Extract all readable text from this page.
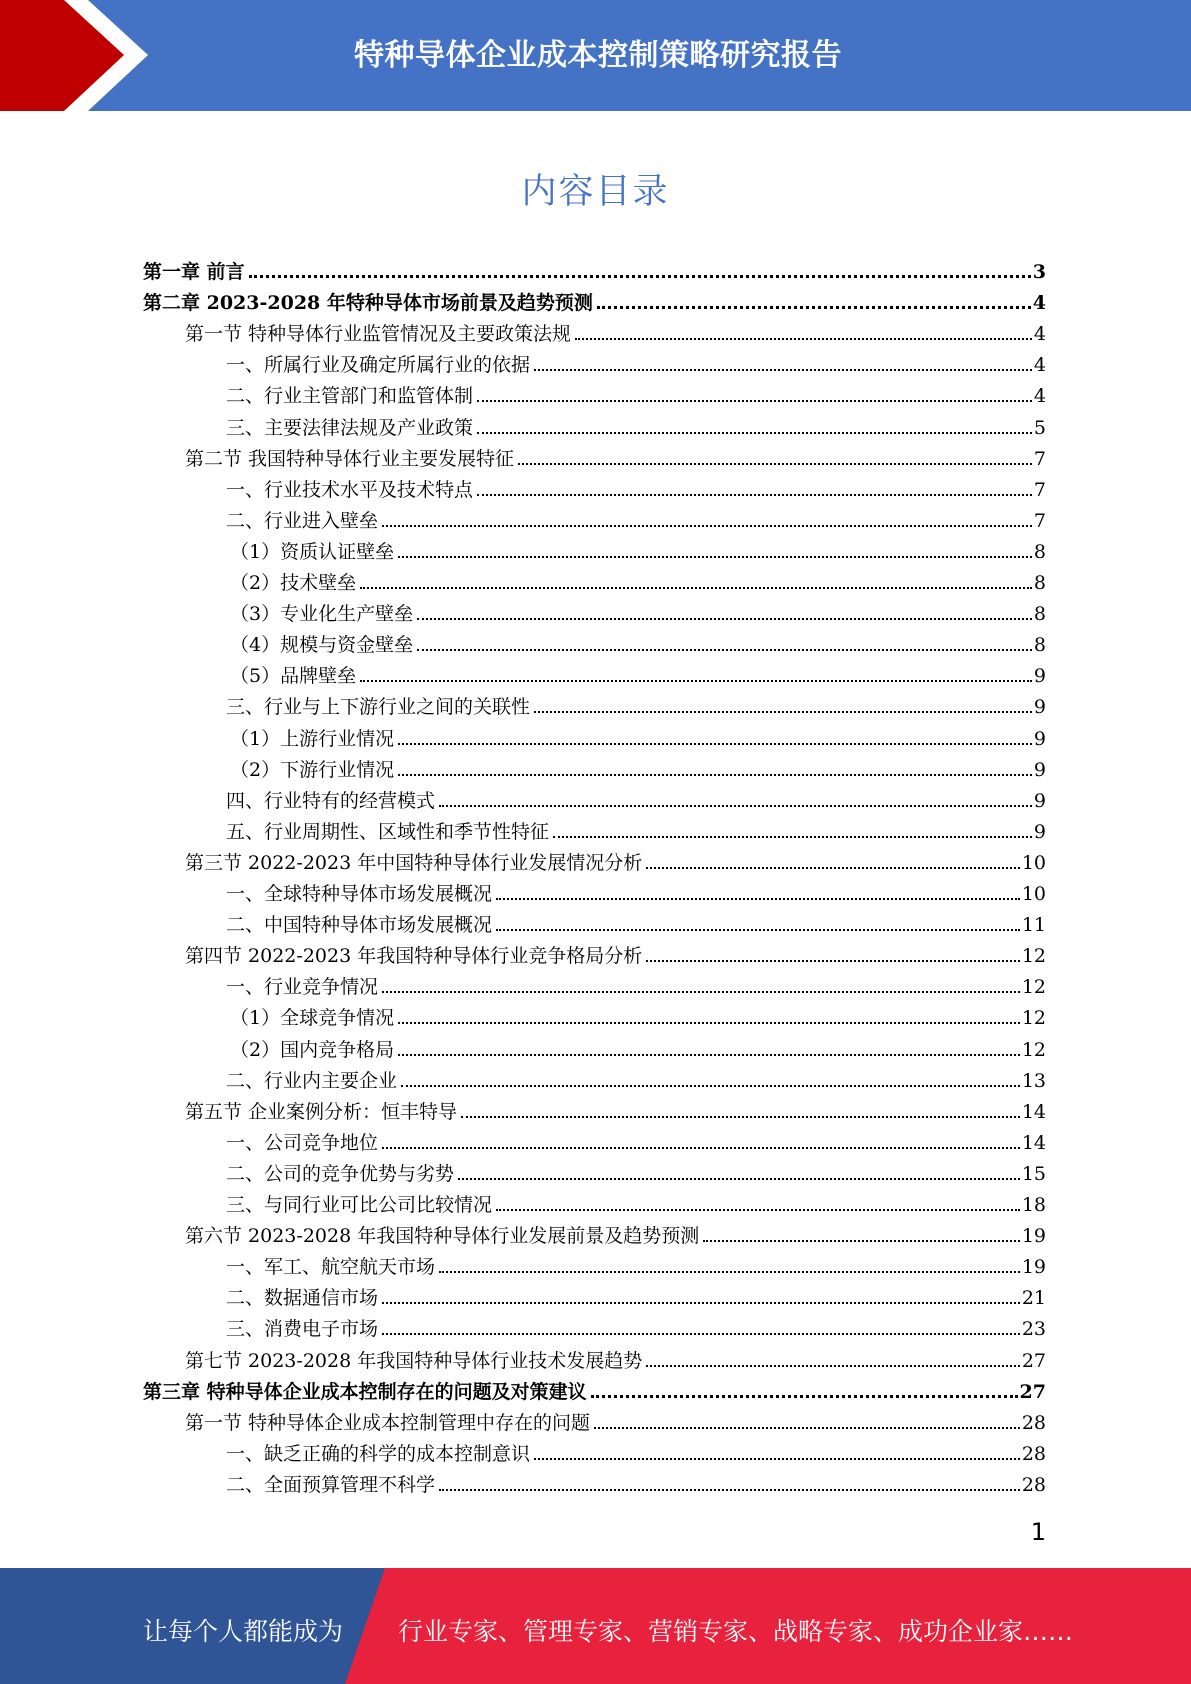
特种导体企业成本控制策略研究报告
内容目录
第一章 前言	3
第二章 2023-2028 年特种导体市场前景及趋势预测	4
第一节 特种导体行业监管情况及主要政策法规	4
一、所属行业及确定所属行业的依据	4
二、行业主管部门和监管体制	4
三、主要法律法规及产业政策	5
第二节 我国特种导体行业主要发展特征	7
一、行业技术水平及技术特点	7
二、行业进入壁垒	7
（1）资质认证壁垒	8
（2）技术壁垒	8
（3）专业化生产壁垒	8
（4）规模与资金壁垒	8
（5）品牌壁垒	9
三、行业与上下游行业之间的关联性	9
（1）上游行业情况	9
（2）下游行业情况	9
四、行业特有的经营模式	9
五、行业周期性、区域性和季节性特征	9
第三节 2022-2023 年中国特种导体行业发展情况分析	10
一、全球特种导体市场发展概况	10
二、中国特种导体市场发展概况	11
第四节 2022-2023 年我国特种导体行业竞争格局分析	12
一、行业竞争情况	12
（1）全球竞争情况	12
（2）国内竞争格局	12
二、行业内主要企业	13
第五节 企业案例分析：恒丰特导	14
一、公司竞争地位	14
二、公司的竞争优势与劣势	15
三、与同行业可比公司比较情况	18
第六节 2023-2028 年我国特种导体行业发展前景及趋势预测	19
一、军工、航空航天市场	19
二、数据通信市场	21
三、消费电子市场	23
第七节 2023-2028 年我国特种导体行业技术发展趋势	27
第三章 特种导体企业成本控制存在的问题及对策建议	27
第一节 特种导体企业成本控制管理中存在的问题	28
一、缺乏正确的科学的成本控制意识	28
二、全面预算管理不科学	28
1
让每个人都能成为 行业专家、管理专家、营销专家、战略专家、成功企业家……
